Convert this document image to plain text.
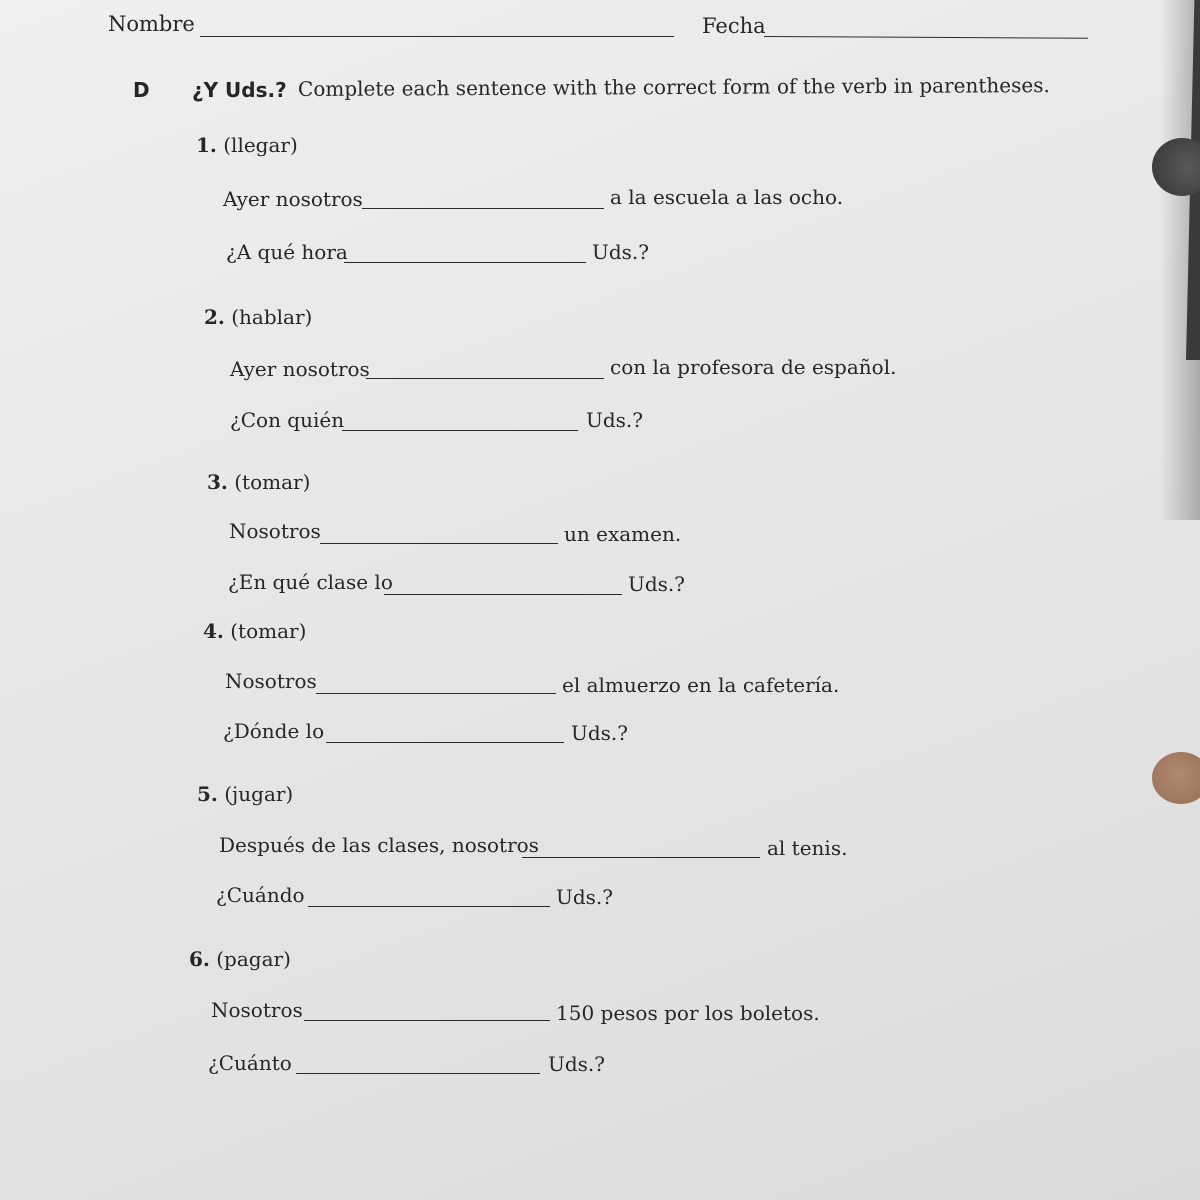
Nombre	Fecha
D ¿Y Uds.? Complete each sentence with the correct form of the verb in parentheses.
1. (llegar)
Ayer nosotros	a la escuela a las ocho.
¿A qué hora	Uds.?
2. (hablar)
Ayer nosotros	con la profesora de español.
¿Con quién	Uds.?
3. (tomar)
Nosotros	un examen.
¿En qué clase lo	Uds.?
4. (tomar)
Nosotros	el almuerzo en la cafetería.
¿Dónde lo	Uds.?
5. (jugar)
Después de las clases, nosotros	al tenis.
¿Cuándo	Uds.?
6. (pagar)
Nosotros	150 pesos por los boletos.
¿Cuánto	Uds.?
